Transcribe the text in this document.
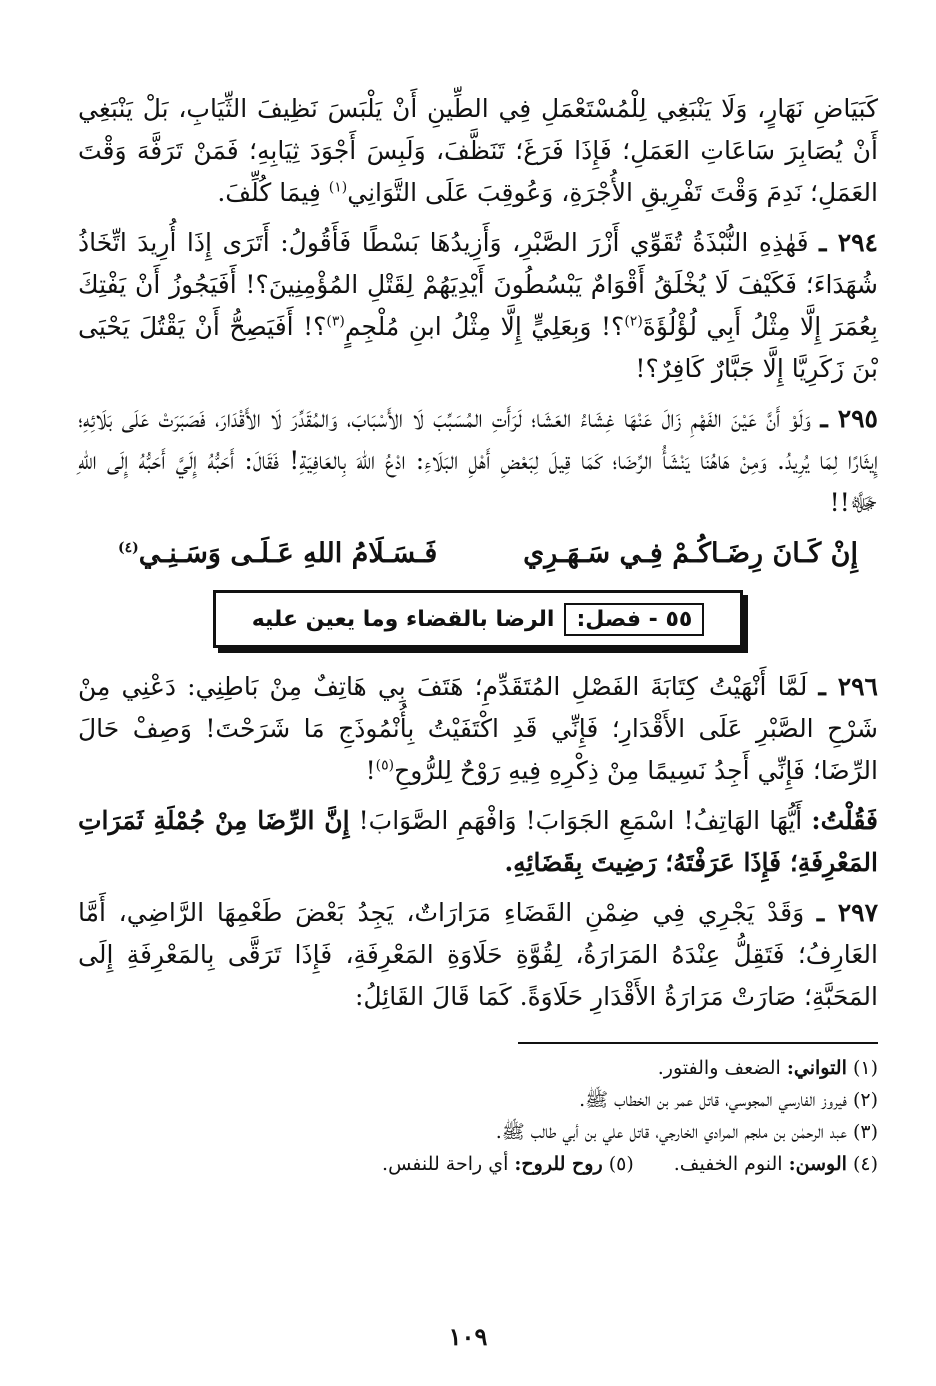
كَبَيَاضِ نَهَارٍ، وَلَا يَنْبَغِي لِلْمُسْتَعْمَلِ فِي الطِّينِ أَنْ يَلْبَسَ نَظِيفَ الثِّيَابِ، بَلْ يَنْبَغِي أَنْ يُصَابِرَ سَاعَاتِ العَمَلِ؛ فَإِذَا فَرَغَ؛ تَنَظَّفَ، وَلَبِسَ أَجْوَدَ ثِيَابِهِ؛ فَمَنْ تَرَفَّهَ وَقْتَ العَمَلِ؛ نَدِمَ وَقْتَ تَفْرِيقِ الأُجْرَةِ، وَعُوقِبَ عَلَى التَّوَانِي$^{(١)}$ فِيمَا كُلِّفَ.

٢٩٤ ـ فَهٰذِهِ النُّبْذَةُ تُقَوِّي أَزْرَ الصَّبْرِ، وَأَزِيدُهَا بَسْطًا فَأَقُولُ: أَتَرَى إِذَا أُرِيدَ اتِّخَاذُ شُهَدَاءَ؛ فَكَيْفَ لَا يُخْلَقُ أَقْوَامٌ يَبْسُطُونَ أَيْدِيَهُمْ لِقَتْلِ المُؤْمِنِينَ؟! أَفَيَجُوزُ أَنْ يَفْتِكَ بِعُمَرَ إِلَّا مِثْلُ أَبِي لُؤْلُؤَةَ$^{(٢)}$؟! وَبِعَلِيٍّ إِلَّا مِثْلُ ابنِ مُلْجِمٍ$^{(٣)}$؟! أَفَيَصِحُّ أَنْ يَقْتُلَ يَحْيَى بْنَ زَكَرِيَّا إِلَّا جَبَّارٌ كَافِرٌ؟!

٢٩٥ ـ وَلَوْ أَنَّ عَيْنَ الفَهْمِ زَالَ عَنْهَا غِشَاءُ العَشَا؛ لَرَأَتِ المُسَبِّبَ لَا الأَسْبَابَ، وَالمُقَدِّرَ لَا الأَقْدَارَ، فَصَبَرَتْ عَلَى بَلَائِهِ؛ إِيثَارًا لِمَا يُرِيدُ. وَمِنْ هَاهُنَا يَنْشَأُ الرِّضَا؛ كَمَا قِيلَ لِبَعْضِ أَهْلِ البَلَاءِ: ادْعُ اللهَ بِالعَافِيَةِ! فَقَالَ: أَحَبُّهُ إِلَيَّ أَحَبُّهُ إِلَى اللهِ ﷻ!!

إِنْ كَـانَ رِضَـاكُـمْ فِـي سَـهَـرِي
فَـسَـلَامُ اللهِ عَـلَـى وَسَـنِـي$^{(٤)}$
٥٥ - فصل:
الرضا بالقضاء وما يعين عليه

٢٩٦ ـ لَمَّا أَنْهَيْتُ كِتَابَةَ الفَصْلِ المُتَقَدِّمِ؛ هَتَفَ بِي هَاتِفٌ مِنْ بَاطِنِي: دَعْنِي مِنْ شَرْحِ الصَّبْرِ عَلَى الأَقْدَارِ؛ فَإِنِّي قَدِ اكْتَفَيْتُ بِأُنْمُوذَجِ مَا شَرَحْتَ! وَصِفْ حَالَ الرِّضَا؛ فَإِنِّي أَجِدُ نَسِيمًا مِنْ ذِكْرِهِ فِيهِ رَوْحٌ لِلرُّوحِ$^{(٥)}$!

فَقُلْتُ: أَيُّهَا الهَاتِفُ! اسْمَعِ الجَوَابَ! وَافْهَمِ الصَّوَابَ! إِنَّ الرِّضَا مِنْ جُمْلَةِ ثَمَرَاتِ المَعْرِفَةِ؛ فَإِذَا عَرَفْتَهُ؛ رَضِيتَ بِقَضَائِهِ.

٢٩٧ ـ وَقَدْ يَجْرِي فِي ضِمْنِ القَضَاءِ مَرَارَاتٌ، يَجِدُ بَعْضَ طَعْمِهَا الرَّاضِي، أَمَّا العَارِفُ؛ فَتَقِلُّ عِنْدَهُ المَرَارَةُ، لِقُوَّةِ حَلَاوَةِ المَعْرِفَةِ، فَإِذَا تَرَقَّى بِالمَعْرِفَةِ إِلَى المَحَبَّةِ؛ صَارَتْ مَرَارَةُ الأَقْدَارِ حَلَاوَةً. كَمَا قَالَ القَائِلُ:

(١) التواني: الضعف والفتور.

(٢) فيروز الفارسي المجوسي، قاتل عمر بن الخطاب ﷺ.

(٣) عبد الرحمٰن بن ملجم المرادي الخارجي، قاتل علي بن أبي طالب ﷺ.

(٤) الوسن: النوم الخفيف.

(٥) روح للروح: أي راحة للنفس.

١٠٩
